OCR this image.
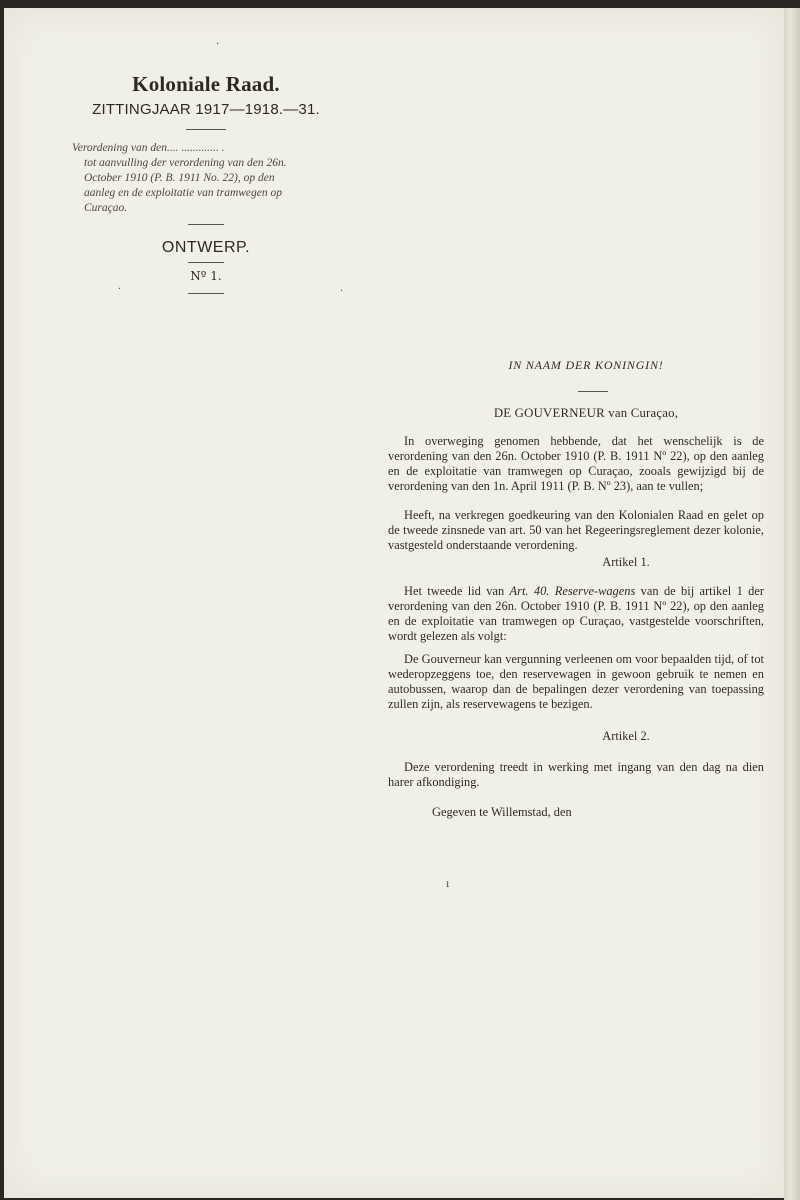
Koloniale Raad.
ZITTINGJAAR 1917—1918.—31.
Verordening van den.... ............. .
tot aanvulling der verordening van den 26n.
October 1910 (P. B. 1911 No. 22), op den
aanleg en de exploitatie van tramwegen op
Curaçao.
ONTWERP.
Nº 1.
IN NAAM DER KONINGIN!
DE GOUVERNEUR van Curaçao,

In overweging genomen hebbende, dat het wenschelijk is de verordening van den 26n. October 1910 (P. B. 1911 Nº 22), op den aanleg en de exploitatie van tramwegen op Curaçao, zooals gewijzigd bij de verordening van den 1n. April 1911 (P. B. Nº 23), aan te vullen;

Heeft, na verkregen goedkeuring van den Kolonialen Raad en gelet op de tweede zinsnede van art. 50 van het Regeeringsreglement dezer kolonie, vastgesteld onderstaande verordening.

Artikel 1.

Het tweede lid van Art. 40. Reserve-wagens van de bij artikel 1 der verordening van den 26n. October 1910 (P. B. 1911 Nº 22), op den aanleg en de exploitatie van tramwegen op Curaçao, vastgestelde voorschriften, wordt gelezen als volgt:

De Gouverneur kan vergunning verleenen om voor bepaalden tijd, of tot wederopzeggens toe, den reservewagen in gewoon gebruik te nemen en autobussen, waarop dan de bepalingen dezer verordening van toepassing zullen zijn, als reservewagens te bezigen.

Artikel 2.

Deze verordening treedt in werking met ingang van den dag na dien harer afkondiging.

Gegeven te Willemstad, den
·
·	·
ı
